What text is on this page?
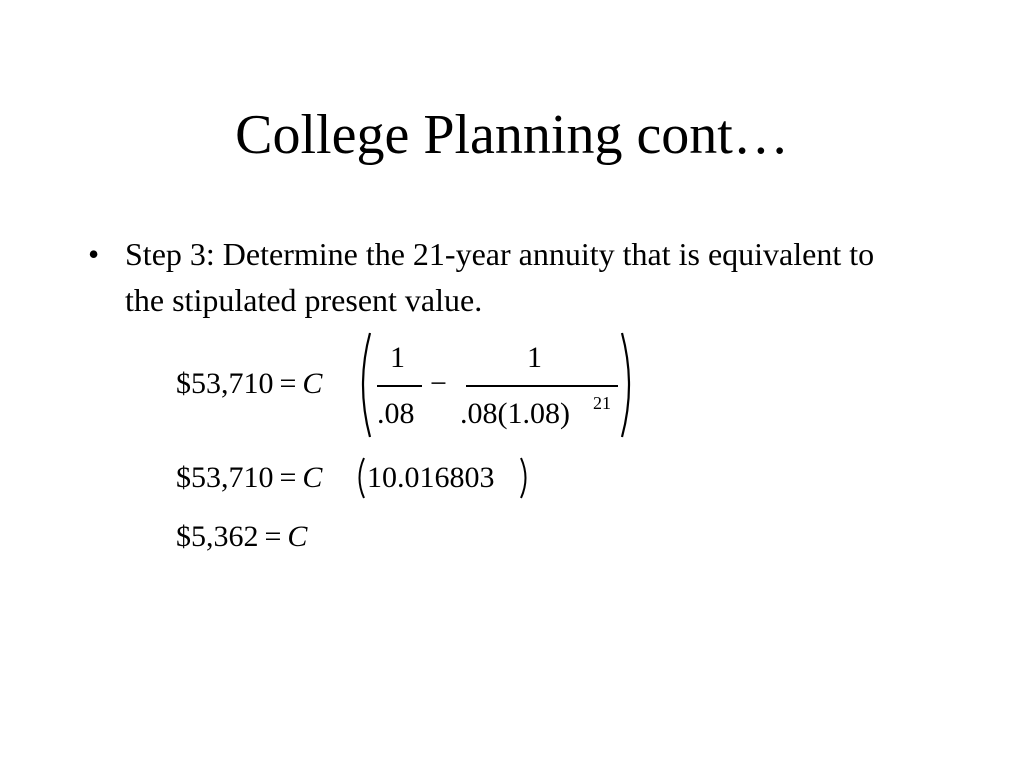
College Planning cont…
• Step 3: Determine the 21-year annuity that is equivalent to the stipulated present value.
$53,710 = C
1
.08
−
1
.08(1.08) 21
$53,710 = C 10.016803
$5,362 = C
